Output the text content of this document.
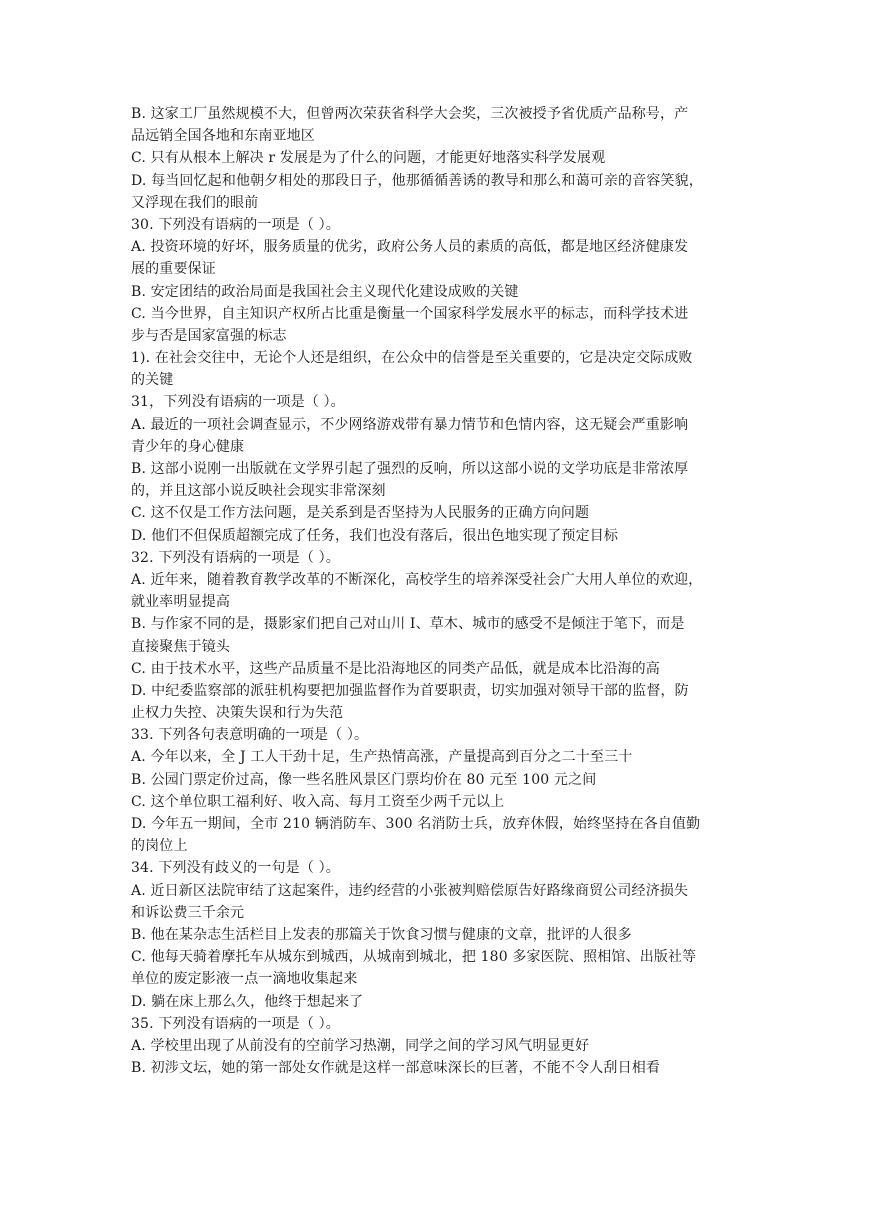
B. 这家工厂虽然规模不大，但曾两次荣获省科学大会奖，三次被授予省优质产品称号，产
品远销全国各地和东南亚地区
C. 只有从根本上解决 r 发展是为了什么的问题，才能更好地落实科学发展观
D. 每当回忆起和他朝夕相处的那段日子，他那循循善诱的教导和那么和蔼可亲的音容笑貌，
又浮现在我们的眼前
30. 下列没有语病的一项是（ ）。
A. 投资环境的好坏，服务质量的优劣，政府公务人员的素质的高低，都是地区经济健康发
展的重要保证
B. 安定团结的政治局面是我国社会主义现代化建设成败的关键
C. 当今世界，自主知识产权所占比重是衡量一个国家科学发展水平的标志，而科学技术进
步与否是国家富强的标志
1). 在社会交往中，无论个人还是组织，在公众中的信誉是至关重要的，它是决定交际成败
的关键
31，下列没有语病的一项是（ ）。
A. 最近的一项社会调查显示，不少网络游戏带有暴力情节和色情内容，这无疑会严重影响
青少年的身心健康
B. 这部小说刚一出版就在文学界引起了强烈的反响，所以这部小说的文学功底是非常浓厚
的，并且这部小说反映社会现实非常深刻
C. 这不仅是工作方法问题，是关系到是否坚持为人民服务的正确方向问题
D. 他们不但保质超额完成了任务，我们也没有落后，很出色地实现了预定目标
32. 下列没有语病的一项是（ ）。
A. 近年来，随着教育教学改革的不断深化，高校学生的培养深受社会广大用人单位的欢迎，
就业率明显提高
B. 与作家不同的是，摄影家们把自己对山川 I、草木、城市的感受不是倾注于笔下，而是
直接聚焦于镜头
C. 由于技术水平，这些产品质量不是比沿海地区的同类产品低，就是成本比沿海的高
D. 中纪委监察部的派驻机构要把加强监督作为首要职责，切实加强对领导干部的监督，防
止权力失控、决策失误和行为失范
33. 下列各句表意明确的一项是（ ）。
A. 今年以来，全 J 工人干劲十足，生产热情高涨，产量提高到百分之二十至三十
B. 公园门票定价过高，像一些名胜风景区门票均价在 80 元至 100 元之间
C. 这个单位职工福利好、收入高、每月工资至少两千元以上
D. 今年五一期间，全市 210 辆消防车、300 名消防士兵，放弃休假，始终坚持在各自值勤
的岗位上
34. 下列没有歧义的一句是（ ）。
A. 近日新区法院审结了这起案件，违约经营的小张被判赔偿原告好路缘商贸公司经济损失
和诉讼费三千余元
B. 他在某杂志生活栏目上发表的那篇关于饮食习惯与健康的文章，批评的人很多
C. 他每天骑着摩托车从城东到城西，从城南到城北，把 180 多家医院、照相馆、出版社等
单位的废定影液一点一滴地收集起来
D. 躺在床上那么久，他终于想起来了
35. 下列没有语病的一项是（ ）。
A. 学校里出现了从前没有的空前学习热潮，同学之间的学习风气明显更好
B. 初涉文坛，她的第一部处女作就是这样一部意味深长的巨著，不能不令人刮日相看
